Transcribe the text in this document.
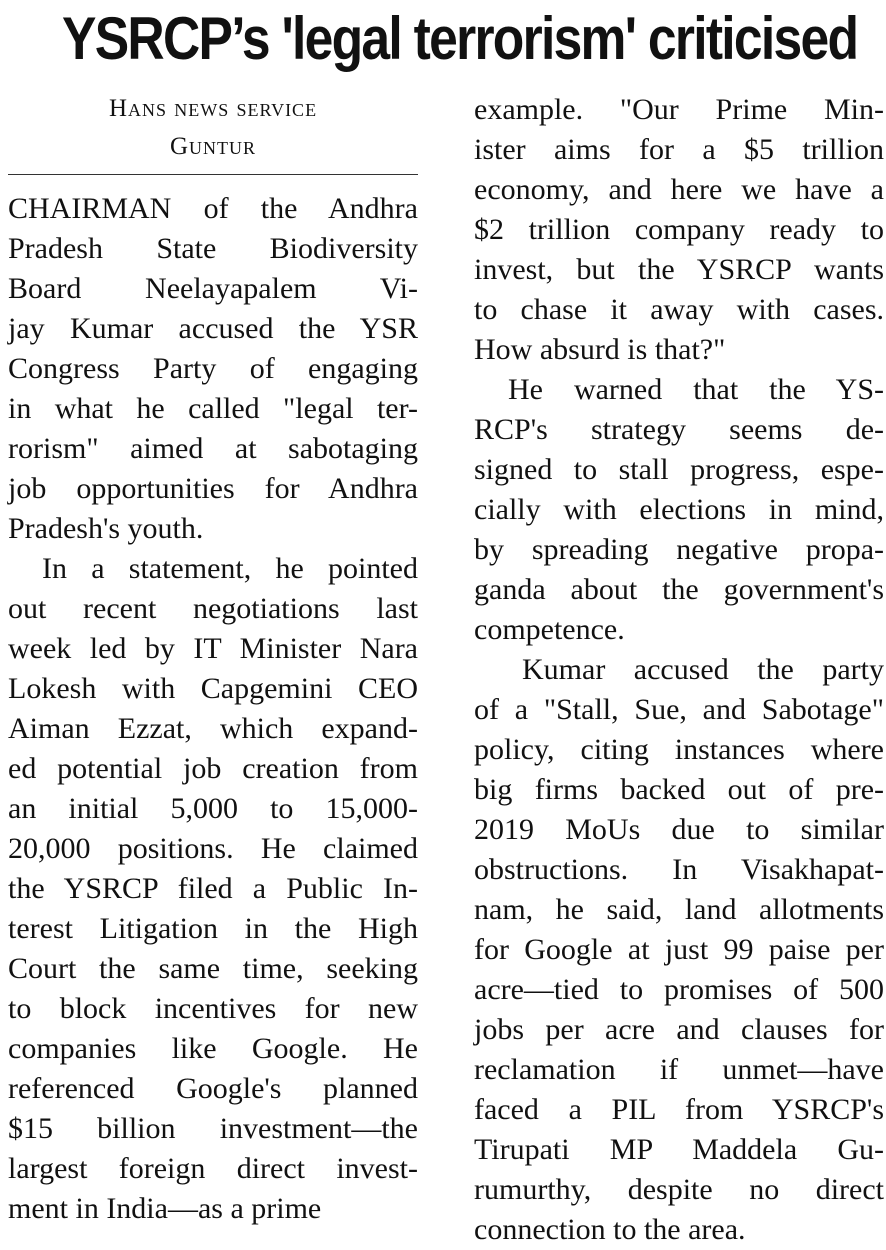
YSRCP’s 'legal terrorism' criticised
Hans news service
Guntur
CHAIRMAN of the Andhra
Pradesh State Biodiversity
Board Neelayapalem Vi-
jay Kumar accused the YSR
Congress Party of engaging
in what he called "legal ter-
rorism" aimed at sabotaging
job opportunities for Andhra
Pradesh's youth.
In a statement, he pointed
out recent negotiations last
week led by IT Minister Nara
Lokesh with Capgemini CEO
Aiman Ezzat, which expand-
ed potential job creation from
an initial 5,000 to 15,000-
20,000 positions. He claimed
the YSRCP filed a Public In-
terest Litigation in the High
Court the same time, seeking
to block incentives for new
companies like Google. He
referenced Google's planned
$15 billion investment—the
largest foreign direct invest-
ment in India—as a prime
example. "Our Prime Min-
ister aims for a $5 trillion
economy, and here we have a
$2 trillion company ready to
invest, but the YSRCP wants
to chase it away with cases.
How absurd is that?"
He warned that the YS-
RCP's strategy seems de-
signed to stall progress, espe-
cially with elections in mind,
by spreading negative propa-
ganda about the government's
competence.
Kumar accused the party
of a "Stall, Sue, and Sabotage"
policy, citing instances where
big firms backed out of pre-
2019 MoUs due to similar
obstructions. In Visakhapat-
nam, he said, land allotments
for Google at just 99 paise per
acre—tied to promises of 500
jobs per acre and clauses for
reclamation if unmet—have
faced a PIL from YSRCP's
Tirupati MP Maddela Gu-
rumurthy, despite no direct
connection to the area.
